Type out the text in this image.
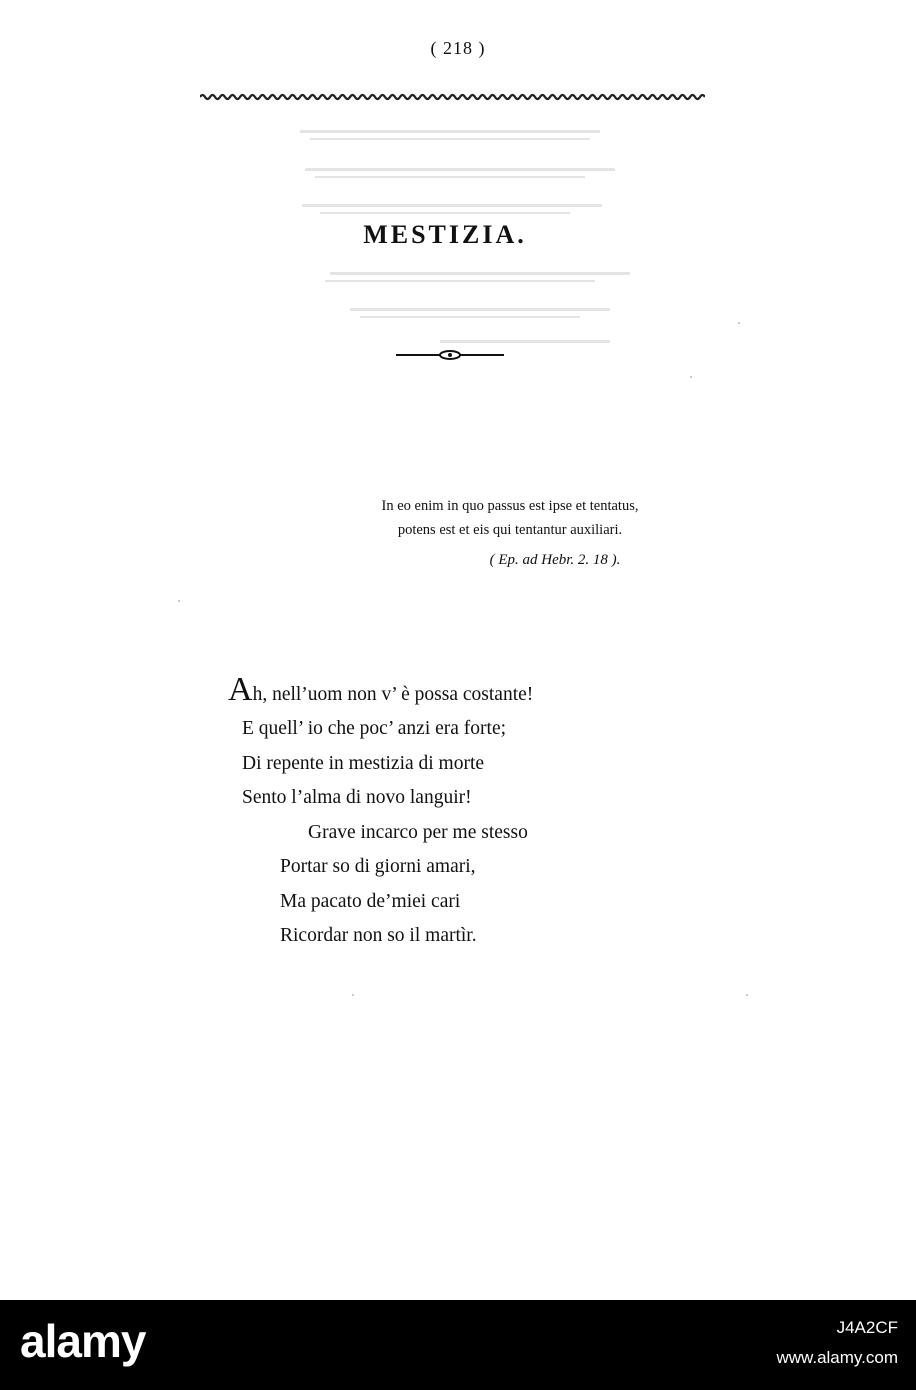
( 218 )
MESTIZIA.
In eo enim in quo passus est ipse et tentatus,
potens est et eis qui tentantur auxiliari.
( Ep. ad Hebr. 2. 18 ).
Ah, nell’uom non v’ è possa costante!
E quell’ io che poc’ anzi era forte;
Di repente in mestizia di morte
Sento l’alma di novo languir!
Grave incarco per me stesso
Portar so di giorni amari,
Ma pacato de’miei cari
Ricordar non so il martìr.
alamy	J4A2CF
www.alamy.com
